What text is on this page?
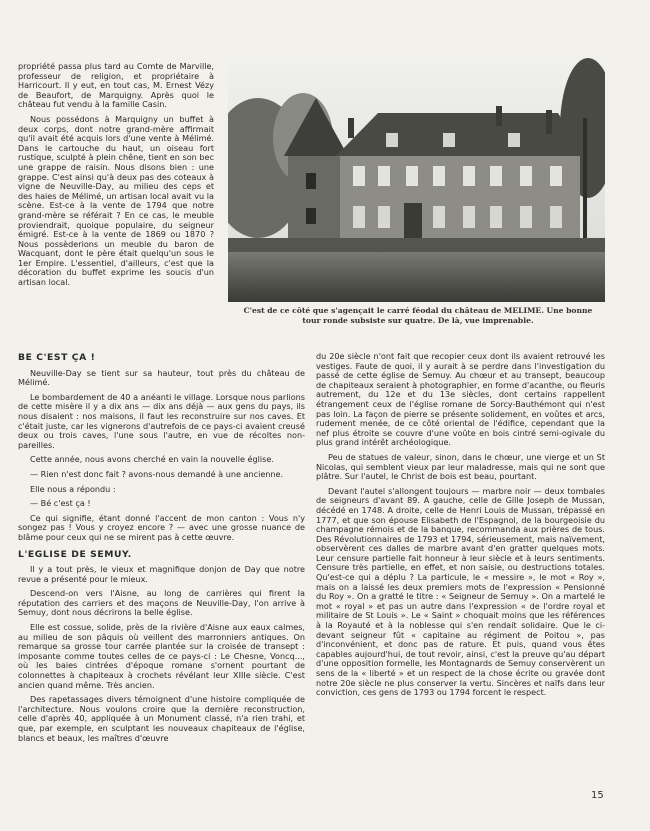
propriété passa plus tard au Comte de Marville, professeur de religion, et propriétaire à Harricourt. Il y eut, en tout cas, M. Ernest Vézy de Beaufort, de Marquigny. Après quoi le château fut vendu à la famille Casin.

Nous possédons à Marquigny un buffet à deux corps, dont notre grand-mère affirmait qu'il avait été acquis lors d'une vente à Mélimé. Dans le cartouche du haut, un oiseau fort rustique, sculpté à plein chêne, tient en son bec une grappe de raisin. Nous disons bien : une grappe. C'est ainsi qu'à deux pas des coteaux à vigne de Neuville-Day, au milieu des ceps et des haies de Mélimé, un artisan local avait vu la scène. Est-ce à la vente de 1794 que notre grand-mère se référait ? En ce cas, le meuble proviendrait, quoique populaire, du seigneur émigré. Est-ce à la vente de 1869 ou 1870 ? Nous possèderions un meuble du baron de Wacquant, dont le père était quelqu'un sous le 1er Empire. L'essentiel, d'ailleurs, c'est que la décoration du buffet exprime les soucis d'un artisan local.

C'est de ce côté que s'agençait le carré féodal du château de MELIME. Une bonne tour ronde subsiste sur quatre. De là, vue imprenable.
BE C'EST ÇA !

Neuville-Day se tient sur sa hauteur, tout près du château de Mélimé.

Le bombardement de 40 a anéanti le village. Lorsque nous parlions de cette misère il y a dix ans — dix ans déjà — aux gens du pays, ils nous disaient : nos maisons, il faut les reconstruire sur nos caves. Et c'était juste, car les vignerons d'autrefois de ce pays-ci avaient creusé deux ou trois caves, l'une sous l'autre, en vue de récoltes non-pareilles.

Cette année, nous avons cherché en vain la nouvelle église.

— Rien n'est donc fait ? avons-nous demandé à une ancienne.

Elle nous a répondu :

— Bé c'est ça !

Ce qui signifie, étant donné l'accent de mon canton : Vous n'y songez pas ! Vous y croyez encore ? — avec une grosse nuance de blâme pour ceux qui ne se mirent pas à cette œuvre.

L'EGLISE DE SEMUY.

Il y a tout près, le vieux et magnifique donjon de Day que notre revue a présenté pour le mieux.

Descend-on vers l'Aisne, au long de carrières qui firent la réputation des carriers et des maçons de Neuville-Day, l'on arrive à Semuy, dont nous décrirons la belle église.

Elle est cossue, solide, près de la rivière d'Aisne aux eaux calmes, au milieu de son pâquis où veillent des marronniers antiques. On remarque sa grosse tour carrée plantée sur la croisée de transept : imposante comme toutes celles de ce pays-ci : Le Chesne, Voncq..., où les baies cintrées d'époque romane s'ornent pourtant de colonnettes à chapiteaux à crochets révélant leur XIIIe siècle. C'est ancien quand même. Très ancien.

Des rapetassages divers témoignent d'une histoire compliquée de l'architecture. Nous voulons croire que la dernière reconstruction, celle d'après 40, appliquée à un Monument classé, n'a rien trahi, et que, par exemple, en sculptant les nouveaux chapiteaux de l'église, blancs et beaux, les maîtres d'œuvre

du 20e siècle n'ont fait que recopier ceux dont ils avaient retrouvé les vestiges. Faute de quoi, il y aurait à se perdre dans l'investigation du passé de cette église de Semuy. Au chœur et au transept, beaucoup de chapiteaux seraient à photographier, en forme d'acanthe, ou fleuris autrement, du 12e et du 13e siècles, dont certains rappellent étrangement ceux de l'église romane de Sorcy-Bauthémont qui n'est pas loin. La façon de pierre se présente solidement, en voûtes et arcs, rudement menée, de ce côté oriental de l'édifice, cependant que la nef plus étroite se couvre d'une voûte en bois cintré semi-ogivale du plus grand intérêt archéologique.

Peu de statues de valeur, sinon, dans le chœur, une vierge et un St Nicolas, qui semblent vieux par leur maladresse, mais qui ne sont que plâtre. Sur l'autel, le Christ de bois est beau, pourtant.

Devant l'autel s'allongent toujours — marbre noir — deux tombales de seigneurs d'avant 89. A gauche, celle de Gille Joseph de Mussan, décédé en 1748. A droite, celle de Henri Louis de Mussan, trépassé en 1777, et que son épouse Elisabeth de l'Espagnol, de la bourgeoisie du champagne rémois et de la banque, recommanda aux prières de tous. Des Révolutionnaires de 1793 et 1794, sérieusement, mais naïvement, observèrent ces dalles de marbre avant d'en gratter quelques mots. Leur censure partielle fait honneur à leur siècle et à leurs sentiments. Censure très partielle, en effet, et non saisie, ou destructions totales. Qu'est-ce qui a déplu ? La particule, le « messire », le mot « Roy », mais on a laissé les deux premiers mots de l'expression « Pensionné du Roy ». On a gratté le titre : « Seigneur de Semuy ». On a martelé le mot « royal » et pas un autre dans l'expression « de l'ordre royal et militaire de St Louis ». Le « Saint » choquait moins que les références à la Royauté et à la noblesse qui s'en rendait solidaire. Que le ci-devant seigneur fût « capitaine au régiment de Poitou », pas d'inconvénient, et donc pas de rature. Et puis, quand vous êtes capables aujourd'hui, de tout revoir, ainsi, c'est la preuve qu'au départ d'une opposition formelle, les Montagnards de Semuy conservèrent un sens de la « liberté » et un respect de la chose écrite ou gravée dont notre 20e siècle ne plus conserver la vertu. Sincères et naïfs dans leur conviction, ces gens de 1793 ou 1794 forcent le respect.

15
